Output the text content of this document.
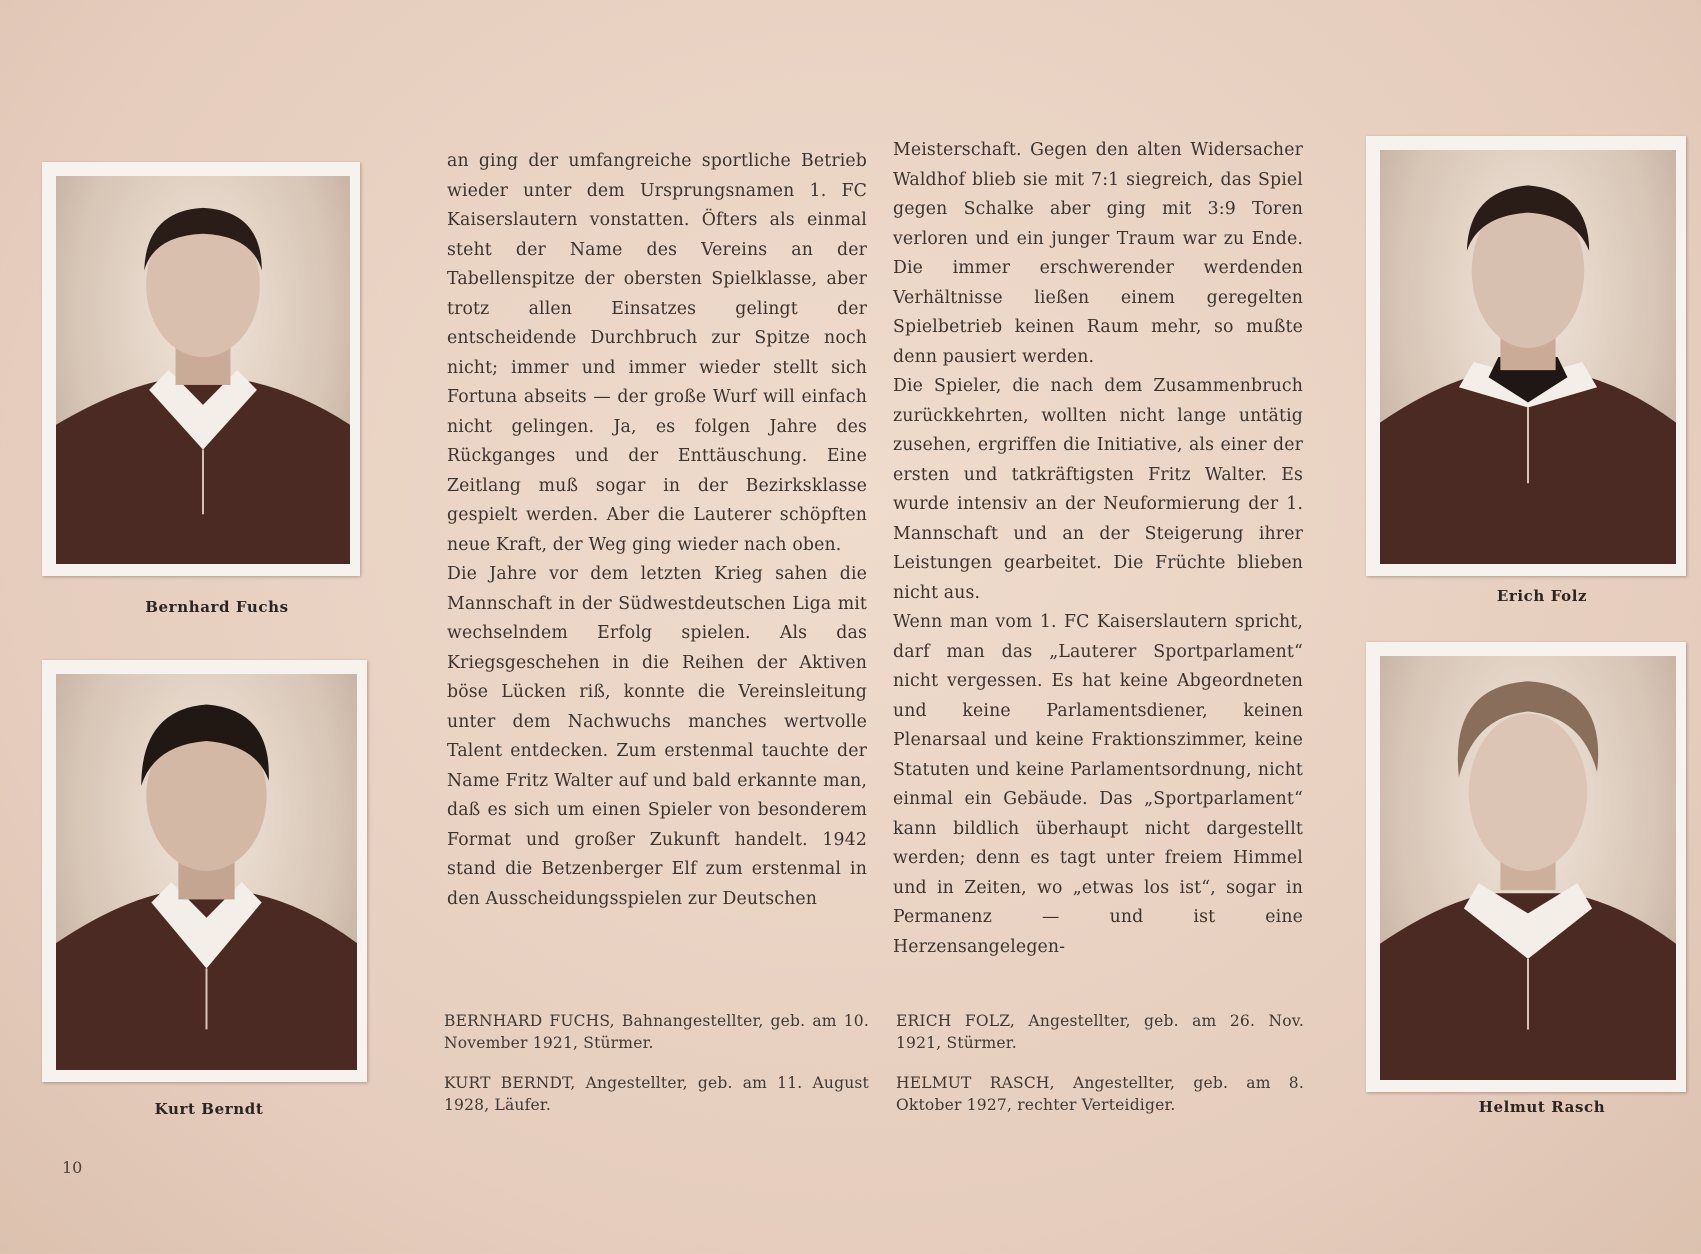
Bernhard Fuchs
Kurt Berndt
Erich Folz
Helmut Rasch

an ging der umfangreiche sportliche Betrieb wieder unter dem Ursprungsnamen 1. FC Kaiserslautern vonstatten. Öfters als einmal steht der Name des Vereins an der Tabellenspitze der obersten Spielklasse, aber trotz allen Einsatzes gelingt der entscheidende Durchbruch zur Spitze noch nicht; immer und immer wieder stellt sich Fortuna abseits — der große Wurf will einfach nicht gelingen. Ja, es folgen Jahre des Rückganges und der Enttäuschung. Eine Zeitlang muß sogar in der Bezirksklasse gespielt werden. Aber die Lauterer schöpften neue Kraft, der Weg ging wieder nach oben.

Die Jahre vor dem letzten Krieg sahen die Mannschaft in der Südwestdeutschen Liga mit wechselndem Erfolg spielen. Als das Kriegsgeschehen in die Reihen der Aktiven böse Lücken riß, konnte die Vereinsleitung unter dem Nachwuchs manches wertvolle Talent entdecken. Zum erstenmal tauchte der Name Fritz Walter auf und bald erkannte man, daß es sich um einen Spieler von besonderem Format und großer Zukunft handelt. 1942 stand die Betzenberger Elf zum erstenmal in den Ausscheidungsspielen zur Deutschen

Meisterschaft. Gegen den alten Widersacher Waldhof blieb sie mit 7:1 siegreich, das Spiel gegen Schalke aber ging mit 3:9 Toren verloren und ein junger Traum war zu Ende. Die immer erschwerender werdenden Verhältnisse ließen einem geregelten Spielbetrieb keinen Raum mehr, so mußte denn pausiert werden.

Die Spieler, die nach dem Zusammenbruch zurückkehrten, wollten nicht lange untätig zusehen, ergriffen die Initiative, als einer der ersten und tatkräftigsten Fritz Walter. Es wurde intensiv an der Neuformierung der 1. Mannschaft und an der Steigerung ihrer Leistungen gearbeitet. Die Früchte blieben nicht aus.

Wenn man vom 1. FC Kaiserslautern spricht, darf man das „Lauterer Sportparlament“ nicht vergessen. Es hat keine Abgeordneten und keine Parlamentsdiener, keinen Plenarsaal und keine Fraktionszimmer, keine Statuten und keine Parlamentsordnung, nicht einmal ein Gebäude. Das „Sportparlament“ kann bildlich überhaupt nicht dargestellt werden; denn es tagt unter freiem Himmel und in Zeiten, wo „etwas los ist“, sogar in Permanenz — und ist eine Herzensangelegen-

BERNHARD FUCHS, Bahnangestellter, geb. am 10. November 1921, Stürmer.
KURT BERNDT, Angestellter, geb. am 11. August 1928, Läufer.
ERICH FOLZ, Angestellter, geb. am 26. Nov. 1921, Stürmer.
HELMUT RASCH, Angestellter, geb. am 8. Oktober 1927, rechter Verteidiger.
10
